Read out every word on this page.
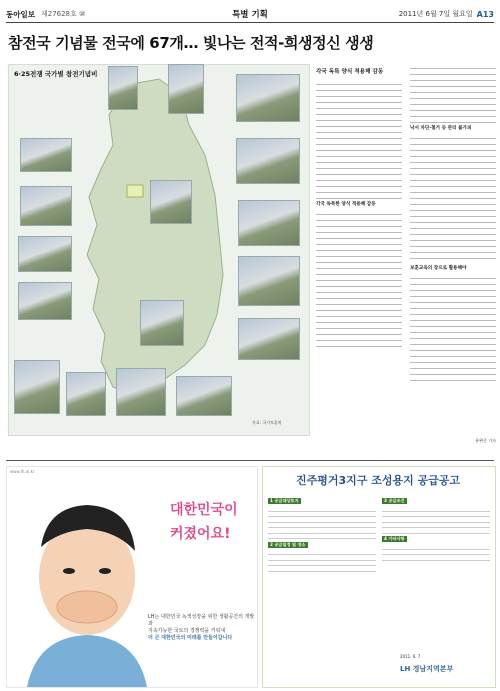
동아일보 제27628호 ⑩	특별 기획	2011년 6월 7일 월요일 A13
참전국 기념물 전국에 67개… 빛나는 전적-희생정신 생생
6·25전쟁 국가별 참전기념비
자료: 국가보훈처
각국 독특 양식 적용해 감동
각국 독특한 양식 적용해 감동
낙서 차단·철거 등 관리 불가피
보훈교육의 장으로 활용해야
윤완준 기자
www.lh.or.kr
대한민국이
커졌어요!
LH는 대한민국 녹색성장을 위한 생활공간의 개발과
지속가능한 국토의 경쟁력을 키워내
더 큰 대한민국의 미래를 만들어갑니다
진주평거3지구 조성용지 공급공고
1 공급대상토지
2 공급일정 및 장소
3 공급조건
4 기타사항
2011. 6. 7
LH 경남지역본부
